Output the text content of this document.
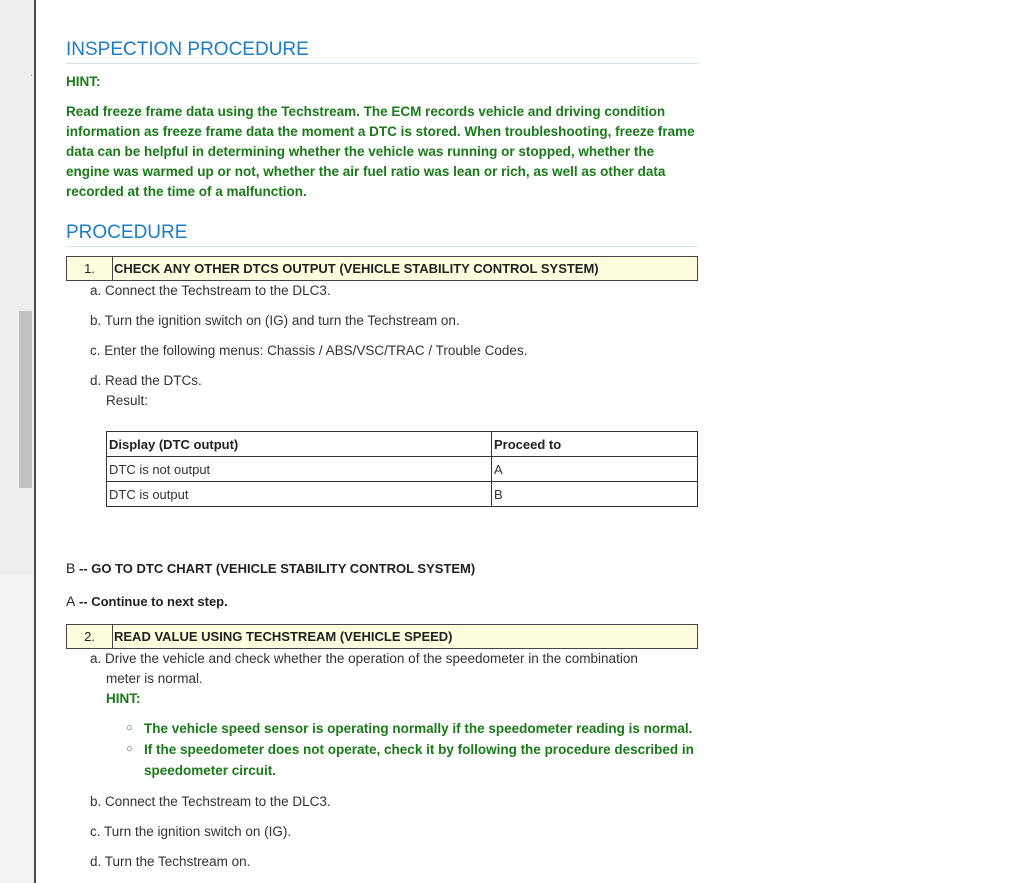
·
INSPECTION PROCEDURE
HINT:
Read freeze frame data using the Techstream. The ECM records vehicle and driving condition information as freeze frame data the moment a DTC is stored. When troubleshooting, freeze frame data can be helpful in determining whether the vehicle was running or stopped, whether the engine was warmed up or not, whether the air fuel ratio was lean or rich, as well as other data recorded at the time of a malfunction.
PROCEDURE
1.	CHECK ANY OTHER DTCS OUTPUT (VEHICLE STABILITY CONTROL SYSTEM)
a. Connect the Techstream to the DLC3.
b. Turn the ignition switch on (IG) and turn the Techstream on.
c. Enter the following menus: Chassis / ABS/VSC/TRAC / Trouble Codes.
d. Read the DTCs.
Result:
Display (DTC output)	Proceed to
DTC is not output	A
DTC is output	B
B -- GO TO DTC CHART (VEHICLE STABILITY CONTROL SYSTEM)
A -- Continue to next step.
2.	READ VALUE USING TECHSTREAM (VEHICLE SPEED)
a. Drive the vehicle and check whether the operation of the speedometer in the combination
meter is normal.
HINT:
○ The vehicle speed sensor is operating normally if the speedometer reading is normal.
○ If the speedometer does not operate, check it by following the procedure described in speedometer circuit.
b. Connect the Techstream to the DLC3.
c. Turn the ignition switch on (IG).
d. Turn the Techstream on.
